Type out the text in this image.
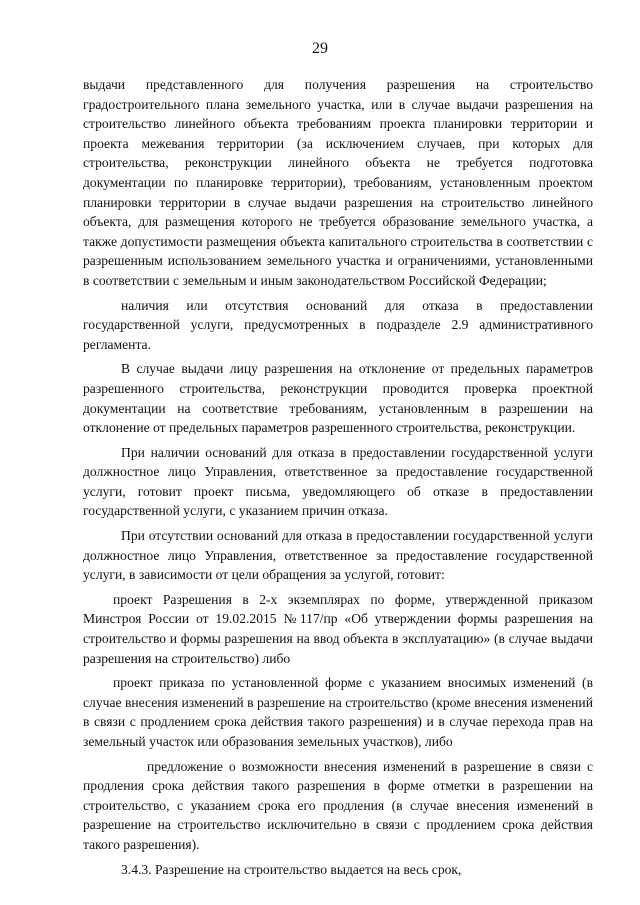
29

выдачи представленного для получения разрешения на строительство градостроительного плана земельного участка, или в случае выдачи разрешения на строительство линейного объекта требованиям проекта планировки территории и проекта межевания территории (за исключением случаев, при которых для строительства, реконструкции линейного объекта не требуется подготовка документации по планировке территории), требованиям, установленным проектом планировки территории в случае выдачи разрешения на строительство линейного объекта, для размещения которого не требуется образование земельного участка, а также допустимости размещения объекта капитального строительства в соответствии с разрешенным использованием земельного участка и ограничениями, установленными в соответствии с земельным и иным законодательством Российской Федерации;

наличия или отсутствия оснований для отказа в предоставлении государственной услуги, предусмотренных в подразделе 2.9 административного регламента.

В случае выдачи лицу разрешения на отклонение от предельных параметров разрешенного строительства, реконструкции проводится проверка проектной документации на соответствие требованиям, установленным в разрешении на отклонение от предельных параметров разрешенного строительства, реконструкции.

При наличии оснований для отказа в предоставлении государственной услуги должностное лицо Управления, ответственное за предоставление государственной услуги, готовит проект письма, уведомляющего об отказе в предоставлении государственной услуги, с указанием причин отказа.

При отсутствии оснований для отказа в предоставлении государственной услуги должностное лицо Управления, ответственное за предоставление государственной услуги, в зависимости от цели обращения за услугой, готовит:

проект Разрешения в 2-х экземплярах по форме, утвержденной приказом Минстроя России от 19.02.2015 №117/пр «Об утверждении формы разрешения на строительство и формы разрешения на ввод объекта в эксплуатацию» (в случае выдачи разрешения на строительство) либо

проект приказа по установленной форме с указанием вносимых изменений (в случае внесения изменений в разрешение на строительство (кроме внесения изменений в связи с продлением срока действия такого разрешения) и в случае перехода прав на земельный участок или образования земельных участков), либо

предложение о возможности внесения изменений в разрешение в связи с продления срока действия такого разрешения в форме отметки в разрешении на строительство, с указанием срока его продления (в случае внесения изменений в разрешение на строительство исключительно в связи с продлением срока действия такого разрешения).

3.4.3. Разрешение на строительство выдается на весь срок,
